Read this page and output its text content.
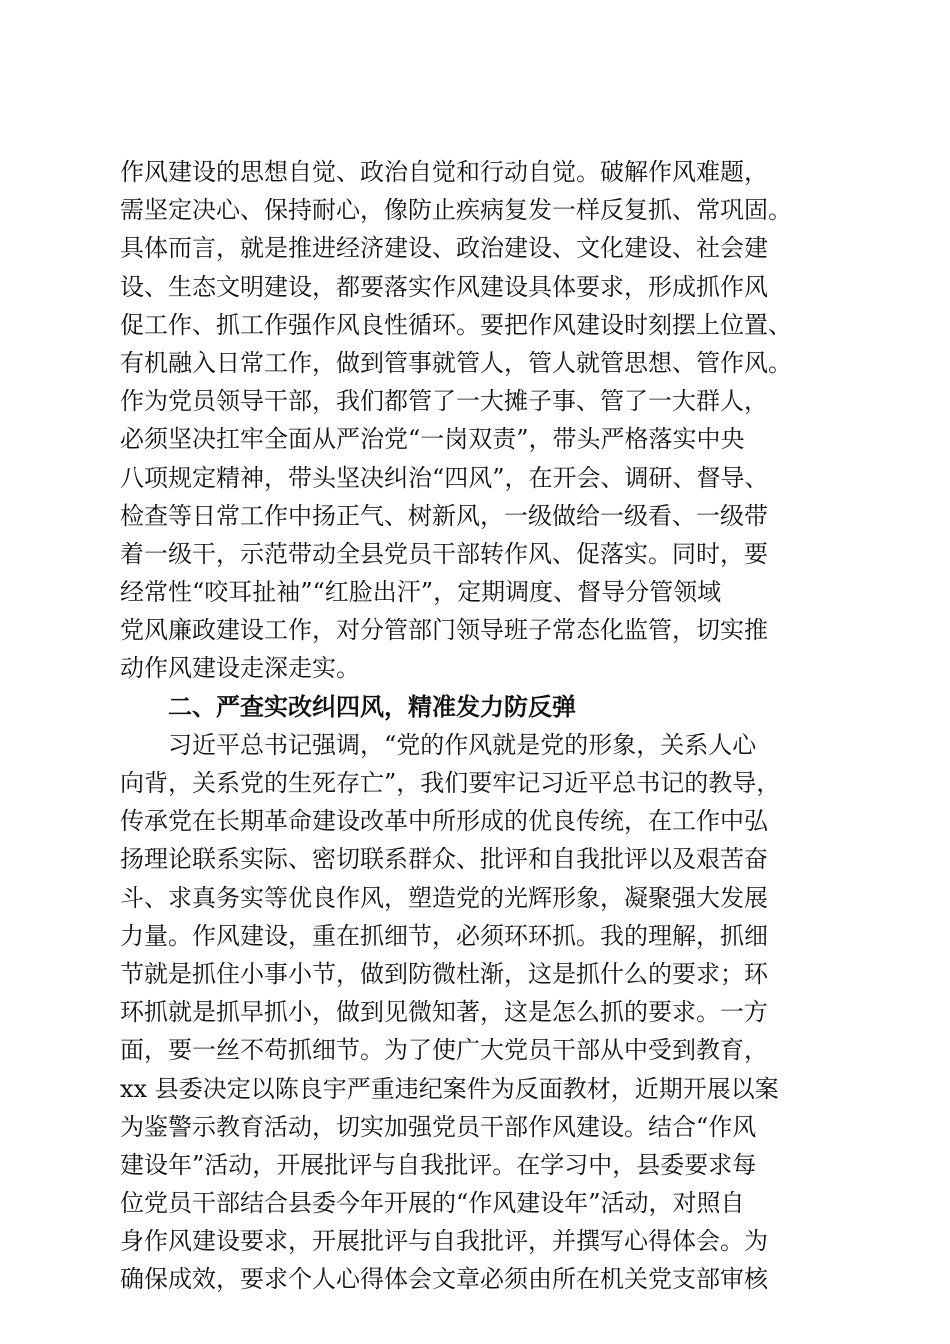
作风建设的思想自觉、政治自觉和行动自觉。破解作风难题，
需坚定决心、保持耐心，像防止疾病复发一样反复抓、常巩固。
具体而言，就是推进经济建设、政治建设、文化建设、社会建
设、生态文明建设，都要落实作风建设具体要求，形成抓作风
促工作、抓工作强作风良性循环。要把作风建设时刻摆上位置、
有机融入日常工作，做到管事就管人，管人就管思想、管作风。
作为党员领导干部，我们都管了一大摊子事、管了一大群人，
必须坚决扛牢全面从严治党“一岗双责”，带头严格落实中央
八项规定精神，带头坚决纠治“四风”，在开会、调研、督导、
检查等日常工作中扬正气、树新风，一级做给一级看、一级带
着一级干，示范带动全县党员干部转作风、促落实。同时，要
经常性“咬耳扯袖”“红脸出汗”，定期调度、督导分管领域
党风廉政建设工作，对分管部门领导班子常态化监管，切实推
动作风建设走深走实。
二、严查实改纠四风，精准发力防反弹
习近平总书记强调，“党的作风就是党的形象，关系人心
向背，关系党的生死存亡”，我们要牢记习近平总书记的教导，
传承党在长期革命建设改革中所形成的优良传统，在工作中弘
扬理论联系实际、密切联系群众、批评和自我批评以及艰苦奋
斗、求真务实等优良作风，塑造党的光辉形象，凝聚强大发展
力量。作风建设，重在抓细节，必须环环抓。我的理解，抓细
节就是抓住小事小节，做到防微杜渐，这是抓什么的要求；环
环抓就是抓早抓小，做到见微知著，这是怎么抓的要求。一方
面，要一丝不苟抓细节。为了使广大党员干部从中受到教育，
xx 县委决定以陈良宇严重违纪案件为反面教材，近期开展以案
为鉴警示教育活动，切实加强党员干部作风建设。结合“作风
建设年”活动，开展批评与自我批评。在学习中，县委要求每
位党员干部结合县委今年开展的“作风建设年”活动，对照自
身作风建设要求，开展批评与自我批评，并撰写心得体会。为
确保成效，要求个人心得体会文章必须由所在机关党支部审核
